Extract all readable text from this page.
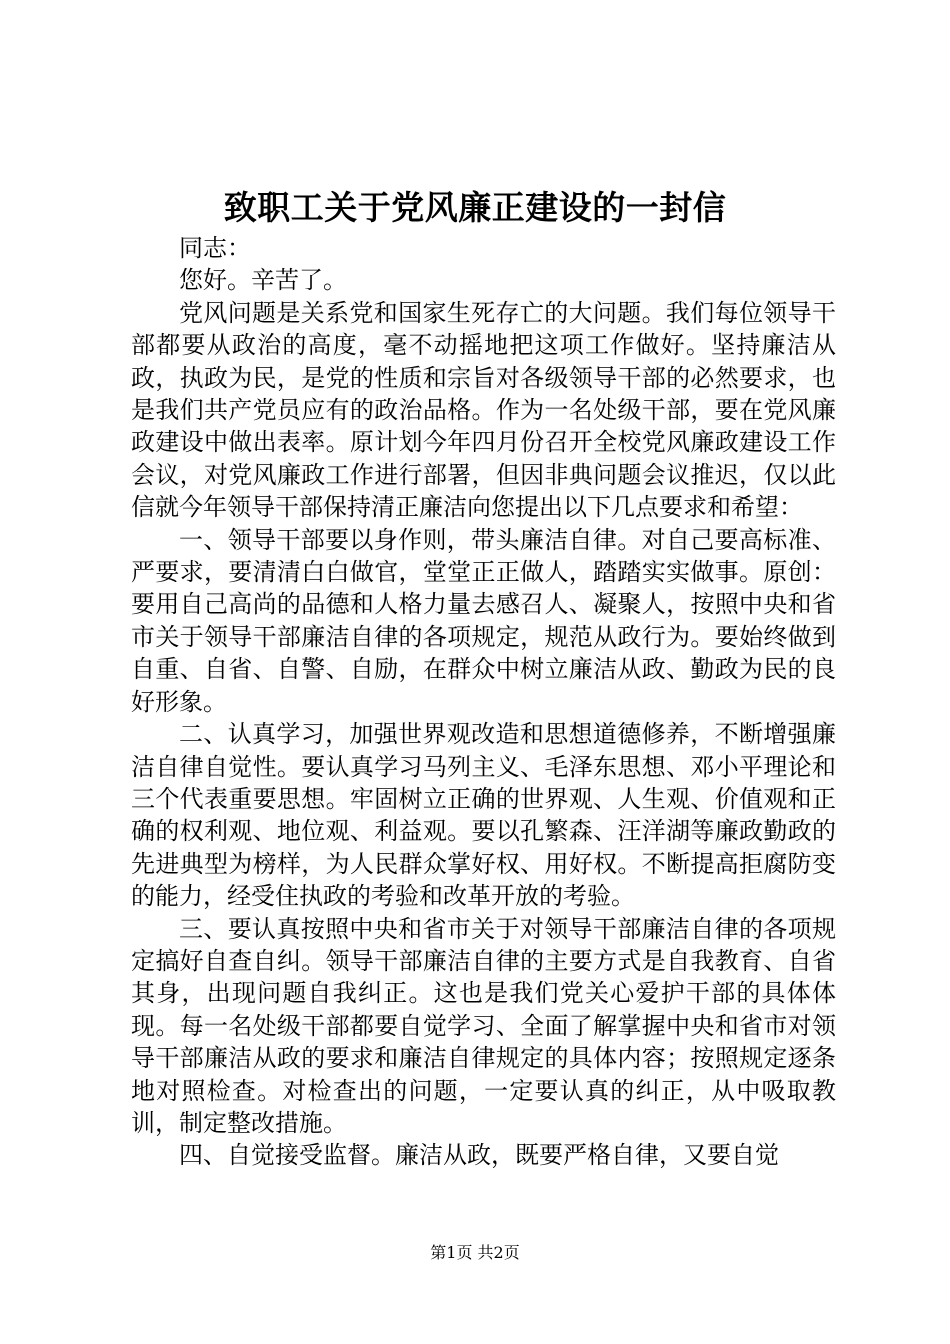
致职工关于党风廉正建设的一封信

同志：

您好。辛苦了。

党风问题是关系党和国家生死存亡的大问题。我们每位领导干部都要从政治的高度，毫不动摇地把这项工作做好。坚持廉洁从政，执政为民，是党的性质和宗旨对各级领导干部的必然要求，也是我们共产党员应有的政治品格。作为一名处级干部，要在党风廉政建设中做出表率。原计划今年四月份召开全校党风廉政建设工作会议，对党风廉政工作进行部署，但因非典问题会议推迟，仅以此信就今年领导干部保持清正廉洁向您提出以下几点要求和希望：

一、领导干部要以身作则，带头廉洁自律。对自己要高标准、严要求，要清清白白做官，堂堂正正做人，踏踏实实做事。原创：要用自己高尚的品德和人格力量去感召人、凝聚人，按照中央和省市关于领导干部廉洁自律的各项规定，规范从政行为。要始终做到自重、自省、自警、自励，在群众中树立廉洁从政、勤政为民的良好形象。

二、认真学习，加强世界观改造和思想道德修养，不断增强廉洁自律自觉性。要认真学习马列主义、毛泽东思想、邓小平理论和三个代表重要思想。牢固树立正确的世界观、人生观、价值观和正确的权利观、地位观、利益观。要以孔繁森、汪洋湖等廉政勤政的先进典型为榜样，为人民群众掌好权、用好权。不断提高拒腐防变的能力，经受住执政的考验和改革开放的考验。

三、要认真按照中央和省市关于对领导干部廉洁自律的各项规定搞好自查自纠。领导干部廉洁自律的主要方式是自我教育、自省其身，出现问题自我纠正。这也是我们党关心爱护干部的具体体现。每一名处级干部都要自觉学习、全面了解掌握中央和省市对领导干部廉洁从政的要求和廉洁自律规定的具体内容；按照规定逐条地对照检查。对检查出的问题，一定要认真的纠正，从中吸取教训，制定整改措施。

四、自觉接受监督。廉洁从政，既要严格自律，又要自觉

第1页 共2页
